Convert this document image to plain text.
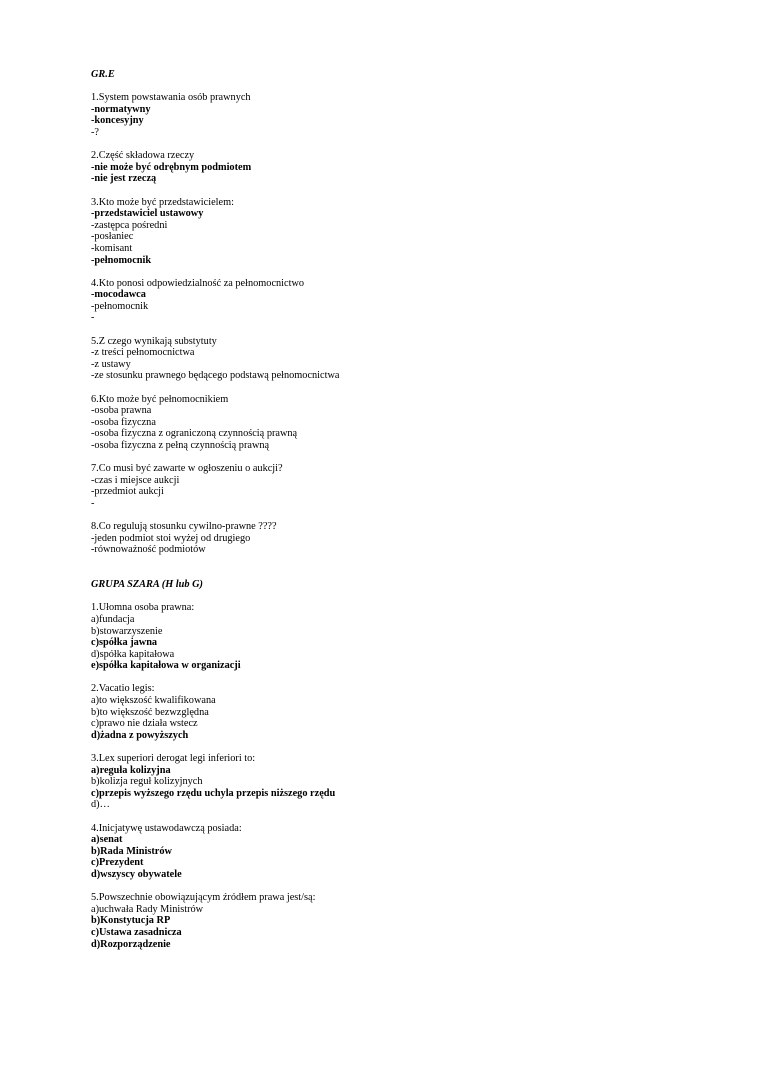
GR.E
1.System powstawania osób prawnych
-normatywny
-koncesyjny
-?
2.Część składowa rzeczy
-nie może być odrębnym podmiotem
-nie jest rzeczą
3.Kto może być przedstawicielem:
-przedstawiciel ustawowy
-zastępca pośredni
-posłaniec
-komisant
-pełnomocnik
4.Kto ponosi odpowiedzialność za pełnomocnictwo
-mocodawca
-pełnomocnik
-
5.Z czego wynikają substytuty
-z treści pełnomocnictwa
-z ustawy
-ze stosunku prawnego będącego podstawą pełnomocnictwa
6.Kto może być pełnomocnikiem
-osoba prawna
-osoba fizyczna
-osoba fizyczna z ograniczoną czynnością prawną
-osoba fizyczna z pełną czynnością prawną
7.Co musi być zawarte w ogłoszeniu o aukcji?
-czas i miejsce aukcji
-przedmiot aukcji
-
8.Co regulują stosunku cywilno-prawne ????
-jeden podmiot stoi wyżej od drugiego
-równoważność podmiotów
GRUPA SZARA (H lub G)
1.Ułomna osoba prawna:
a)fundacja
b)stowarzyszenie
c)spółka jawna
d)spółka kapitałowa
e)spółka kapitałowa w organizacji
2.Vacatio legis:
a)to większość kwalifikowana
b)to większość bezwzględna
c)prawo nie działa wstecz
d)żadna z powyższych
3.Lex superiori derogat legi inferiori to:
a)reguła kolizyjna
b)kolizja reguł kolizyjnych
c)przepis wyższego rzędu uchyla przepis niższego rzędu
d)…
4.Inicjatywę ustawodawczą posiada:
a)senat
b)Rada Ministrów
c)Prezydent
d)wszyscy obywatele
5.Powszechnie obowiązującym źródłem prawa jest/są:
a)uchwała Rady Ministrów
b)Konstytucja RP
c)Ustawa zasadnicza
d)Rozporządzenie
